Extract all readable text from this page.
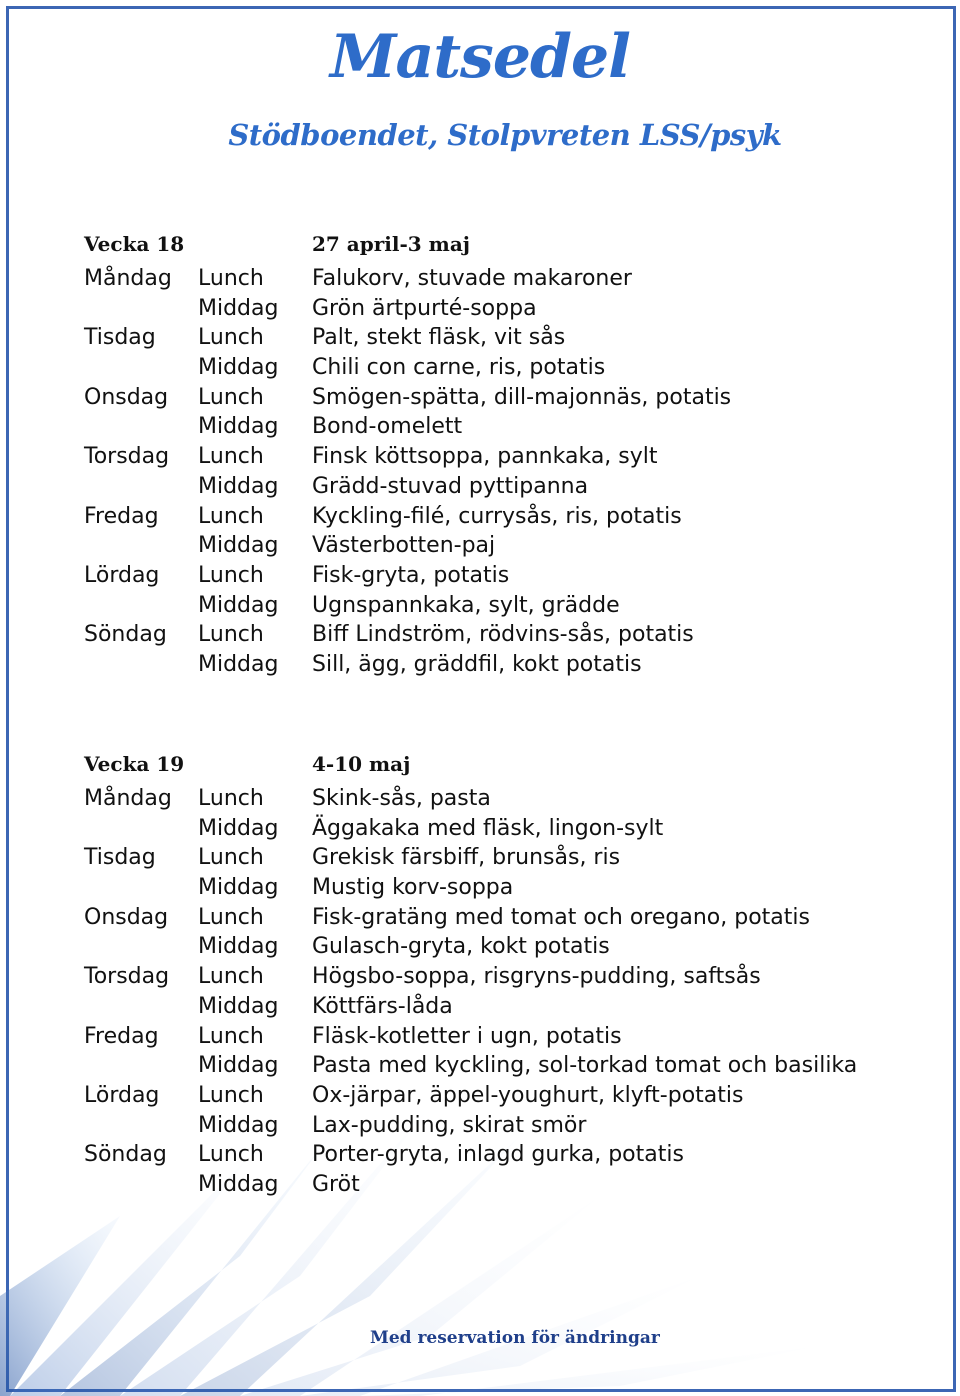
Matsedel
Stödboendet, Stolpvreten LSS/psyk
Vecka 18	27 april-3 maj
Måndag Lunch Falukorv, stuvade makaroner
Middag Grön ärtpurté-soppa
Tisdag Lunch Palt, stekt fläsk, vit sås
Middag Chili con carne, ris, potatis
Onsdag Lunch Smögen-spätta, dill-majonnäs, potatis
Middag Bond-omelett
Torsdag Lunch Finsk köttsoppa, pannkaka, sylt
Middag Grädd-stuvad pyttipanna
Fredag Lunch Kyckling-filé, currysås, ris, potatis
Middag Västerbotten-paj
Lördag Lunch Fisk-gryta, potatis
Middag Ugnspannkaka, sylt, grädde
Söndag Lunch Biff Lindström, rödvins-sås, potatis
Middag Sill, ägg, gräddfil, kokt potatis
Vecka 19	4-10 maj
Måndag Lunch Skink-sås, pasta
Middag Äggakaka med fläsk, lingon-sylt
Tisdag Lunch Grekisk färsbiff, brunsås, ris
Middag Mustig korv-soppa
Onsdag Lunch Fisk-gratäng med tomat och oregano, potatis
Middag Gulasch-gryta, kokt potatis
Torsdag Lunch Högsbo-soppa, risgryns-pudding, saftsås
Middag Köttfärs-låda
Fredag Lunch Fläsk-kotletter i ugn, potatis
Middag Pasta med kyckling, sol-torkad tomat och basilika
Lördag Lunch Ox-järpar, äppel-youghurt, klyft-potatis
Middag Lax-pudding, skirat smör
Söndag Lunch Porter-gryta, inlagd gurka, potatis
Middag Gröt
Med reservation för ändringar
